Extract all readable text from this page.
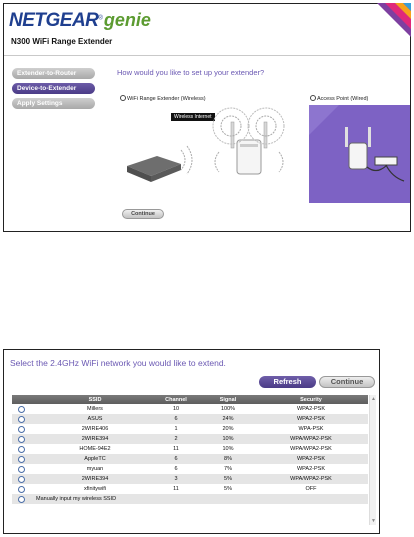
NETGEAR®genie
N300 WiFi Range Extender
Extender-to-Router
Device-to-Extender
Apply Settings
How would you like to set up your extender?
WiFi Range Extender (Wireless)	Access Point (Wired)
Wireless Internet
Continue
Select the 2.4GHz WiFi network you would like to extend.
Refresh	Continue
	SSID	Channel	Signal	Security
	Millers	10	100%	WPA2-PSK
	ASUS	6	24%	WPA2-PSK
	2WIRE406	1	20%	WPA-PSK
	2WIRE394	2	10%	WPA/WPA2-PSK
	HOME-94E2	11	10%	WPA/WPA2-PSK
	AppleTC	6	8%	WPA2-PSK
	myuan	6	7%	WPA2-PSK
	2WIRE394	3	5%	WPA/WPA2-PSK
	xfinitywifi	11	5%	OFF
Manually input my wireless SSID				
▲
▼
